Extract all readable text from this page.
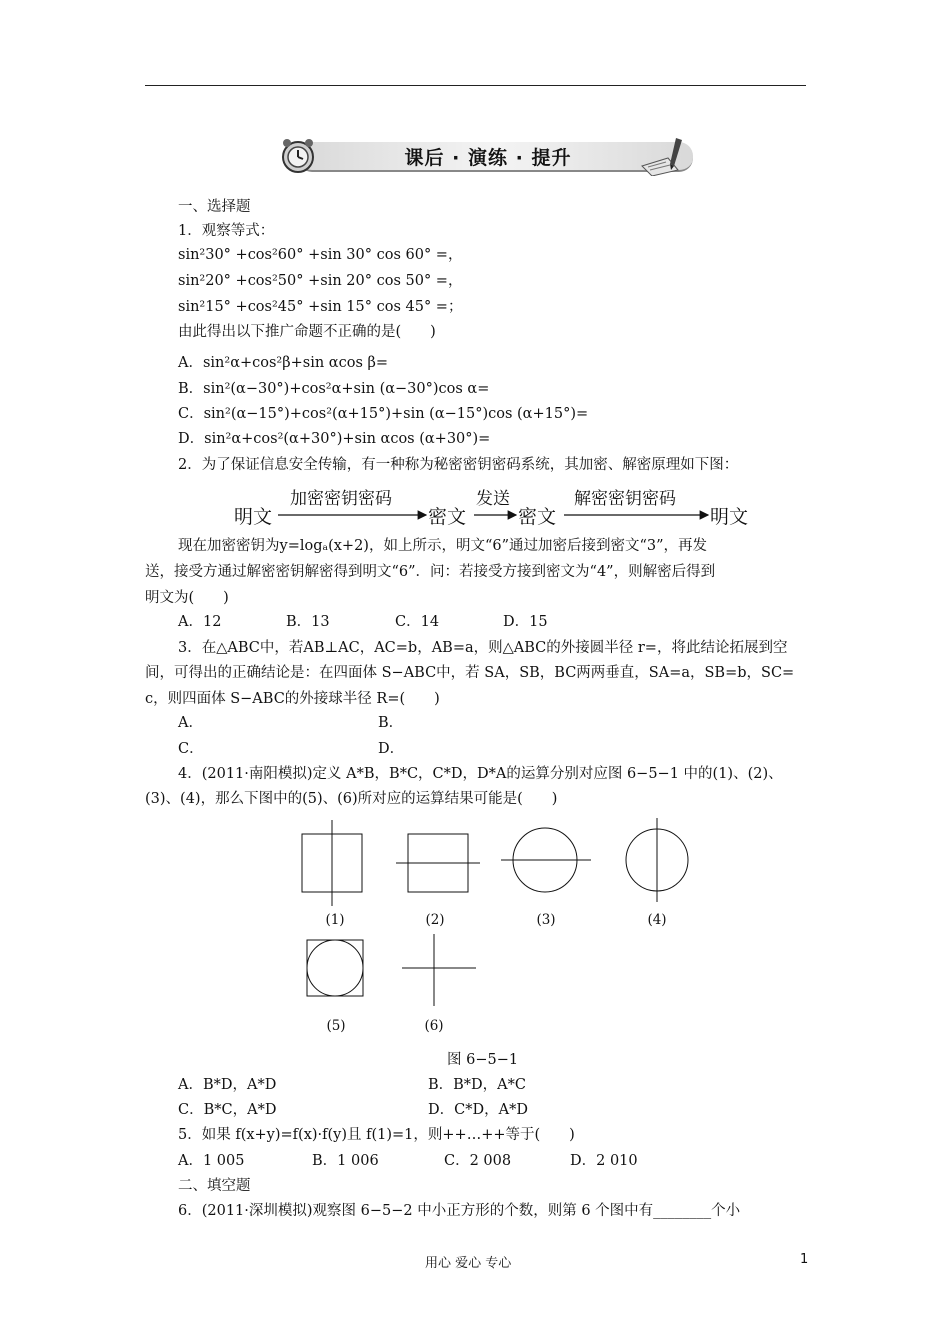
课后 · 演练 · 提升
一、选择题
1．观察等式：
sin²30° +cos²60° +sin 30° cos 60° =，
sin²20° +cos²50° +sin 20° cos 50° =，
sin²15° +cos²45° +sin 15° cos 45° =；
由此得出以下推广命题不正确的是(　　)
A．sin²α+cos²β+sin αcos β=
B．sin²(α−30°)+cos²α+sin (α−30°)cos α=
C．sin²(α−15°)+cos²(α+15°)+sin (α−15°)cos (α+15°)=
D．sin²α+cos²(α+30°)+sin αcos (α+30°)=
2．为了保证信息安全传输，有一种称为秘密密钥密码系统，其加密、解密原理如下图：
明文
加密密钥密码
密文
发送
密文
解密密钥密码
明文
现在加密密钥为y=logₐ(x+2)，如上所示，明文“6”通过加密后接到密文“3”，再发
送，接受方通过解密密钥解密得到明文“6”．问：若接受方接到密文为“4”，则解密后得到
明文为(　　)
A．12	B．13	C．14	D．15
3．在△ABC中，若AB⊥AC，AC=b，AB=a，则△ABC的外接圆半径 r=，将此结论拓展到空
间，可得出的正确结论是：在四面体 S−ABC中，若 SA，SB，BC两两垂直，SA=a，SB=b，SC=
c，则四面体 S−ABC的外接球半径 R=(　　)
A．	B．
C．	D．
4．(2011·南阳模拟)定义 A*B，B*C，C*D，D*A的运算分别对应图 6−5−1 中的(1)、(2)、
(3)、(4)，那么下图中的(5)、(6)所对应的运算结果可能是(　　)
(1)	(2)	(3)	(4)
(5)	(6)
图 6−5−1
A．B*D，A*D	B．B*D，A*C
C．B*C，A*D	D．C*D，A*D
5．如果 f(x+y)=f(x)·f(y)且 f(1)=1，则++…++等于(　　)
A．1 005	B．1 006	C．2 008	D．2 010
二、填空题
6．(2011·深圳模拟)观察图 6−5−2 中小正方形的个数，则第 6 个图中有________个小
用心 爱心 专心	1
